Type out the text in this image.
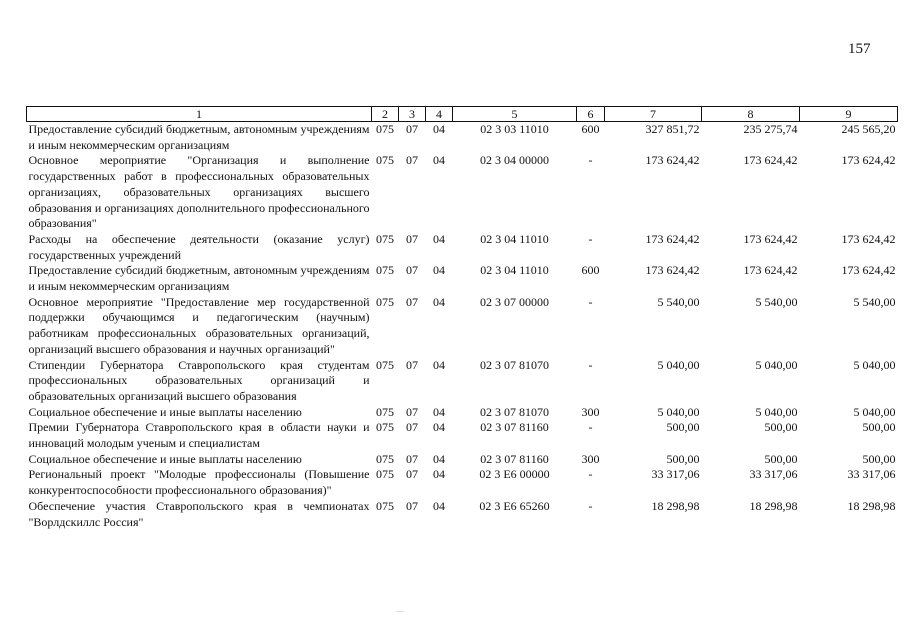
157
1	2	3	4	5	6	7	8	9
Предоставление субсидий бюджетным, автономным учреждениям и иным некоммерческим организациям	075	07	04	02 3 03 11010	600	327 851,72	235 275,74	245 565,20
Основное мероприятие "Организация и выполнение государственных работ в профессиональных образовательных организациях, образовательных организациях высшего образования и организациях дополнительного профессионального образования"	075	07	04	02 3 04 00000	-	173 624,42	173 624,42	173 624,42
Расходы на обеспечение деятельности (оказание услуг) государственных учреждений	075	07	04	02 3 04 11010	-	173 624,42	173 624,42	173 624,42
Предоставление субсидий бюджетным, автономным учреждениям и иным некоммерческим организациям	075	07	04	02 3 04 11010	600	173 624,42	173 624,42	173 624,42
Основное мероприятие "Предоставление мер государственной поддержки обучающимся и педагогическим (научным) работникам профессиональных образовательных организаций, организаций высшего образования и научных организаций"	075	07	04	02 3 07 00000	-	5 540,00	5 540,00	5 540,00
Стипендии Губернатора Ставропольского края студентам профессиональных образовательных организаций и образовательных организаций высшего образования	075	07	04	02 3 07 81070	-	5 040,00	5 040,00	5 040,00
Социальное обеспечение и иные выплаты населению	075	07	04	02 3 07 81070	300	5 040,00	5 040,00	5 040,00
Премии Губернатора Ставропольского края в области науки и инноваций молодым ученым и специалистам	075	07	04	02 3 07 81160	-	500,00	500,00	500,00
Социальное обеспечение и иные выплаты населению	075	07	04	02 3 07 81160	300	500,00	500,00	500,00
Региональный проект "Молодые профессионалы (Повышение конкурентоспособности профессионального образования)"	075	07	04	02 3 E6 00000	-	33 317,06	33 317,06	33 317,06
Обеспечение участия Ставропольского края в чемпионатах "Ворлдскиллс Россия"	075	07	04	02 3 E6 65260	-	18 298,98	18 298,98	18 298,98
